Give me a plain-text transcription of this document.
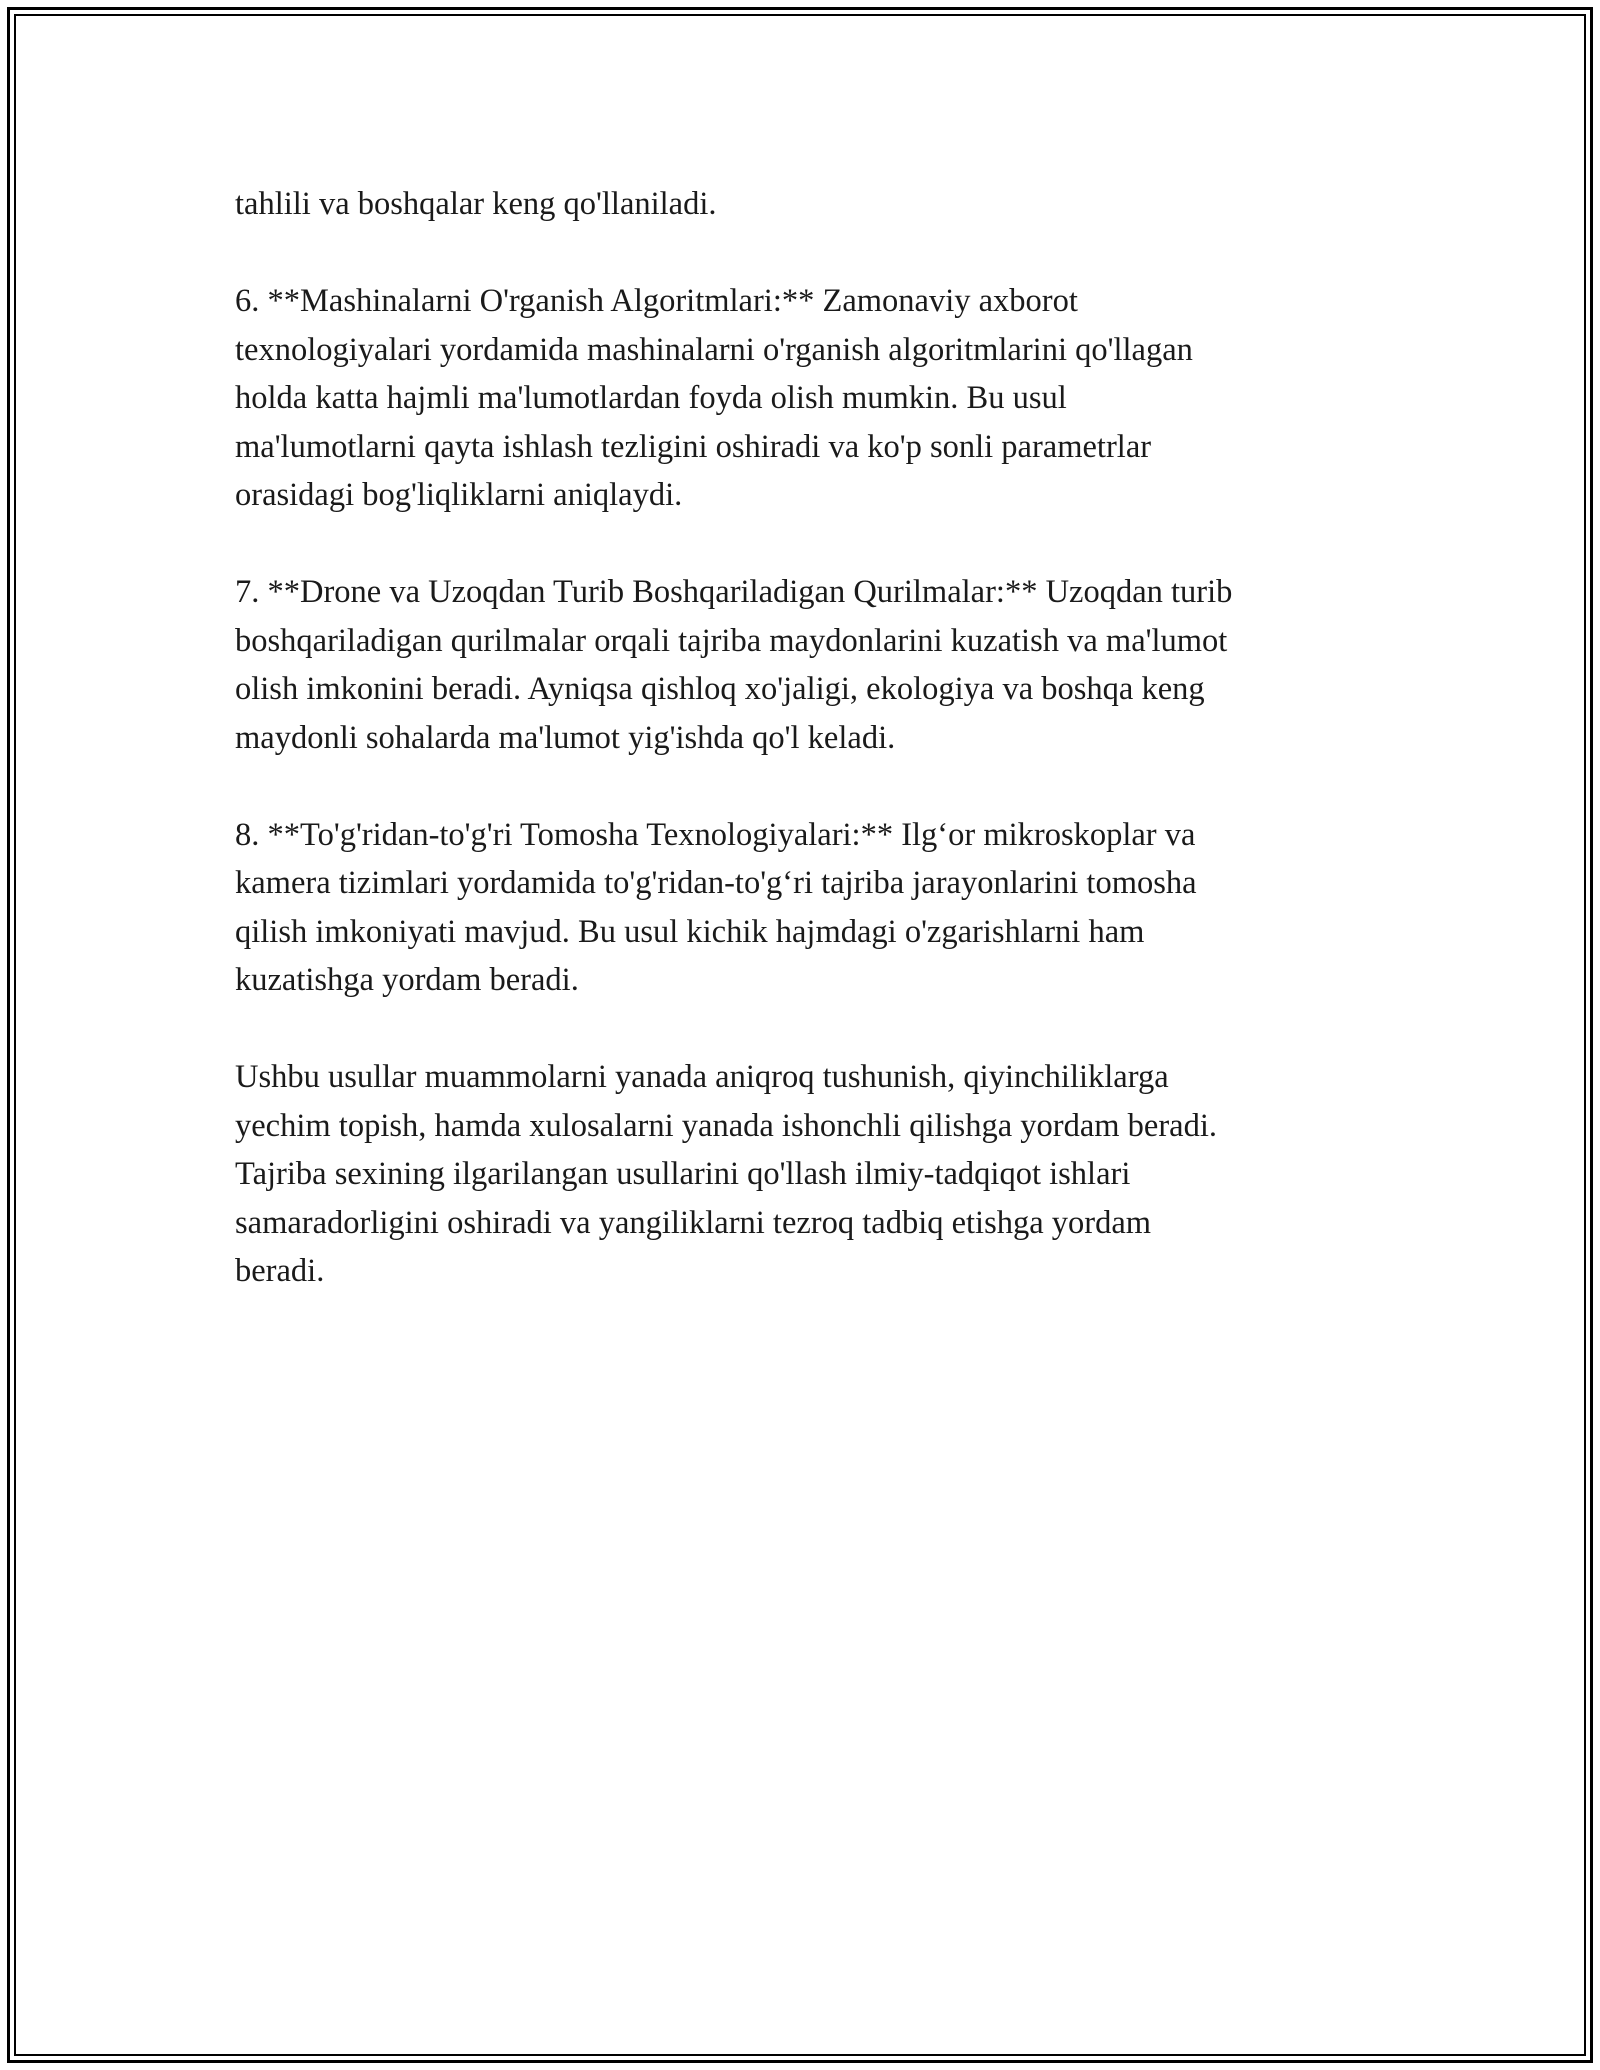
tahlili va boshqalar keng qo'llaniladi.

6. **Mashinalarni O'rganish Algoritmlari:** Zamonaviy axborot
texnologiyalari yordamida mashinalarni o'rganish algoritmlarini qo'llagan
holda katta hajmli ma'lumotlardan foyda olish mumkin. Bu usul
ma'lumotlarni qayta ishlash tezligini oshiradi va ko'p sonli parametrlar
orasidagi bog'liqliklarni aniqlaydi.

7. **Drone va Uzoqdan Turib Boshqariladigan Qurilmalar:** Uzoqdan turib
boshqariladigan qurilmalar orqali tajriba maydonlarini kuzatish va ma'lumot
olish imkonini beradi. Ayniqsa qishloq xo'jaligi, ekologiya va boshqa keng
maydonli sohalarda ma'lumot yig'ishda qo'l keladi.

8. **To'g'ridan-to'g'ri Tomosha Texnologiyalari:** Ilg‘or mikroskoplar va
kamera tizimlari yordamida to'g'ridan-to'g‘ri tajriba jarayonlarini tomosha
qilish imkoniyati mavjud. Bu usul kichik hajmdagi o'zgarishlarni ham
kuzatishga yordam beradi.

Ushbu usullar muammolarni yanada aniqroq tushunish, qiyinchiliklarga
yechim topish, hamda xulosalarni yanada ishonchli qilishga yordam beradi.
Tajriba sexining ilgarilangan usullarini qo'llash ilmiy-tadqiqot ishlari
samaradorligini oshiradi va yangiliklarni tezroq tadbiq etishga yordam
beradi.
